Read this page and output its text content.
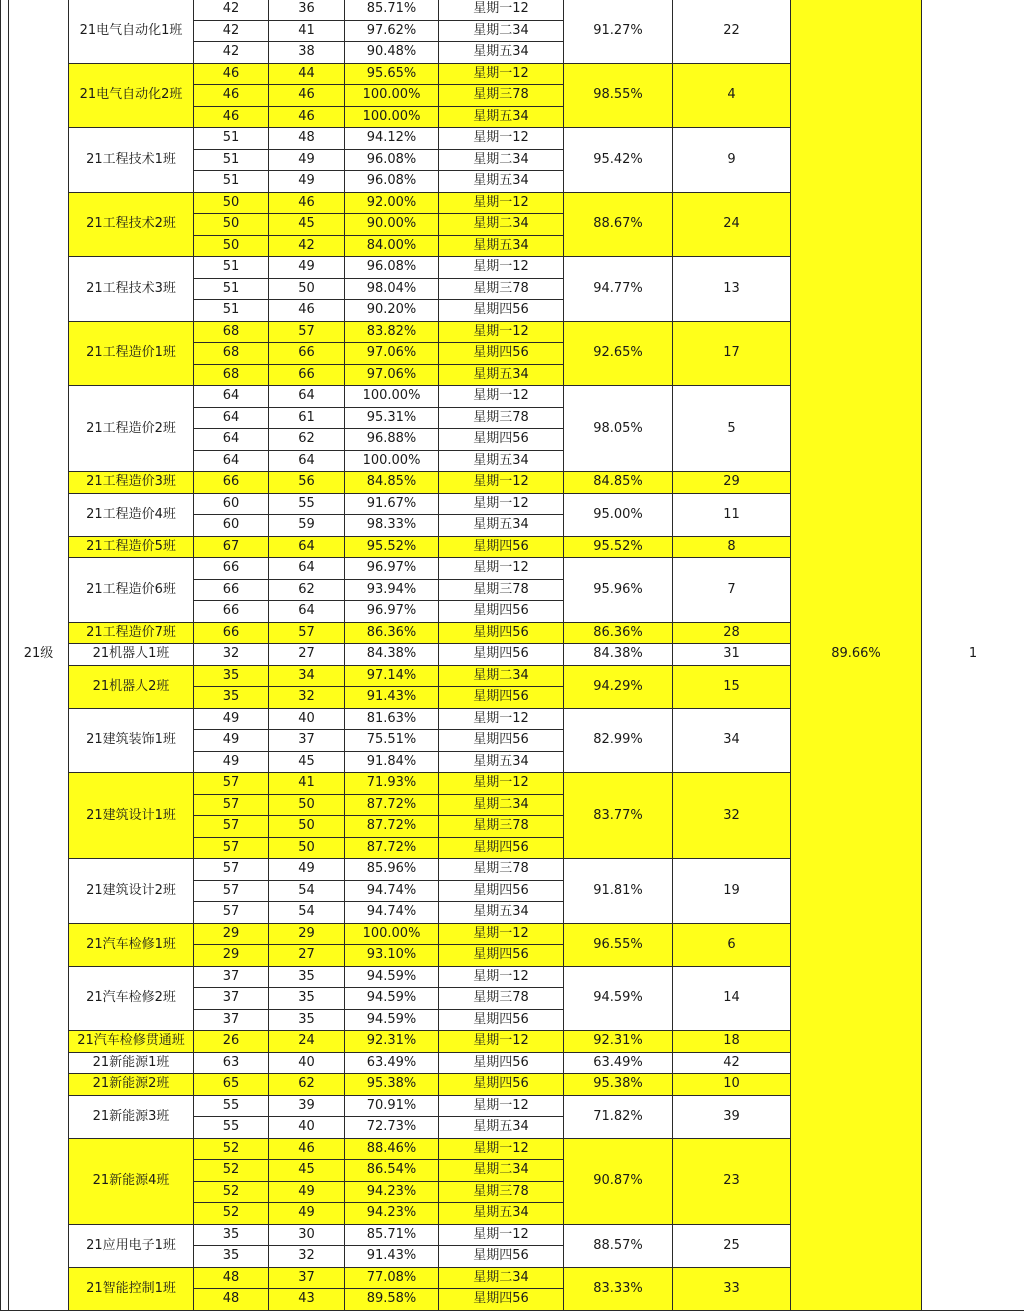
	21级	21电气自动化1班	42	36	85.71%	星期一12	91.27%	22	89.66%	1
			42	41	97.62%	星期二34				
			42	38	90.48%	星期五34				
		21电气自动化2班	46	44	95.65%	星期一12	98.55%	4		
			46	46	100.00%	星期三78				
			46	46	100.00%	星期五34				
		21工程技术1班	51	48	94.12%	星期一12	95.42%	9		
			51	49	96.08%	星期二34				
			51	49	96.08%	星期五34				
		21工程技术2班	50	46	92.00%	星期一12	88.67%	24		
			50	45	90.00%	星期二34				
			50	42	84.00%	星期五34				
		21工程技术3班	51	49	96.08%	星期一12	94.77%	13		
			51	50	98.04%	星期三78				
			51	46	90.20%	星期四56				
		21工程造价1班	68	57	83.82%	星期一12	92.65%	17		
			68	66	97.06%	星期四56				
			68	66	97.06%	星期五34				
		21工程造价2班	64	64	100.00%	星期一12	98.05%	5		
			64	61	95.31%	星期三78				
			64	62	96.88%	星期四56				
			64	64	100.00%	星期五34				
		21工程造价3班	66	56	84.85%	星期一12	84.85%	29		
		21工程造价4班	60	55	91.67%	星期一12	95.00%	11		
			60	59	98.33%	星期五34				
		21工程造价5班	67	64	95.52%	星期四56	95.52%	8		
		21工程造价6班	66	64	96.97%	星期一12	95.96%	7		
			66	62	93.94%	星期三78				
			66	64	96.97%	星期四56				
		21工程造价7班	66	57	86.36%	星期四56	86.36%	28		
		21机器人1班	32	27	84.38%	星期四56	84.38%	31		
		21机器人2班	35	34	97.14%	星期二34	94.29%	15		
			35	32	91.43%	星期四56				
		21建筑装饰1班	49	40	81.63%	星期一12	82.99%	34		
			49	37	75.51%	星期四56				
			49	45	91.84%	星期五34				
		21建筑设计1班	57	41	71.93%	星期一12	83.77%	32		
			57	50	87.72%	星期二34				
			57	50	87.72%	星期三78				
			57	50	87.72%	星期四56				
		21建筑设计2班	57	49	85.96%	星期三78	91.81%	19		
			57	54	94.74%	星期四56				
			57	54	94.74%	星期五34				
		21汽车检修1班	29	29	100.00%	星期一12	96.55%	6		
			29	27	93.10%	星期四56				
		21汽车检修2班	37	35	94.59%	星期一12	94.59%	14		
			37	35	94.59%	星期三78				
			37	35	94.59%	星期四56				
		21汽车检修贯通班	26	24	92.31%	星期一12	92.31%	18		
		21新能源1班	63	40	63.49%	星期四56	63.49%	42		
		21新能源2班	65	62	95.38%	星期四56	95.38%	10		
		21新能源3班	55	39	70.91%	星期一12	71.82%	39		
			55	40	72.73%	星期五34				
		21新能源4班	52	46	88.46%	星期一12	90.87%	23		
			52	45	86.54%	星期二34				
			52	49	94.23%	星期三78				
			52	49	94.23%	星期五34				
		21应用电子1班	35	30	85.71%	星期一12	88.57%	25		
			35	32	91.43%	星期四56				
		21智能控制1班	48	37	77.08%	星期二34	83.33%	33		
			48	43	89.58%	星期四56				
